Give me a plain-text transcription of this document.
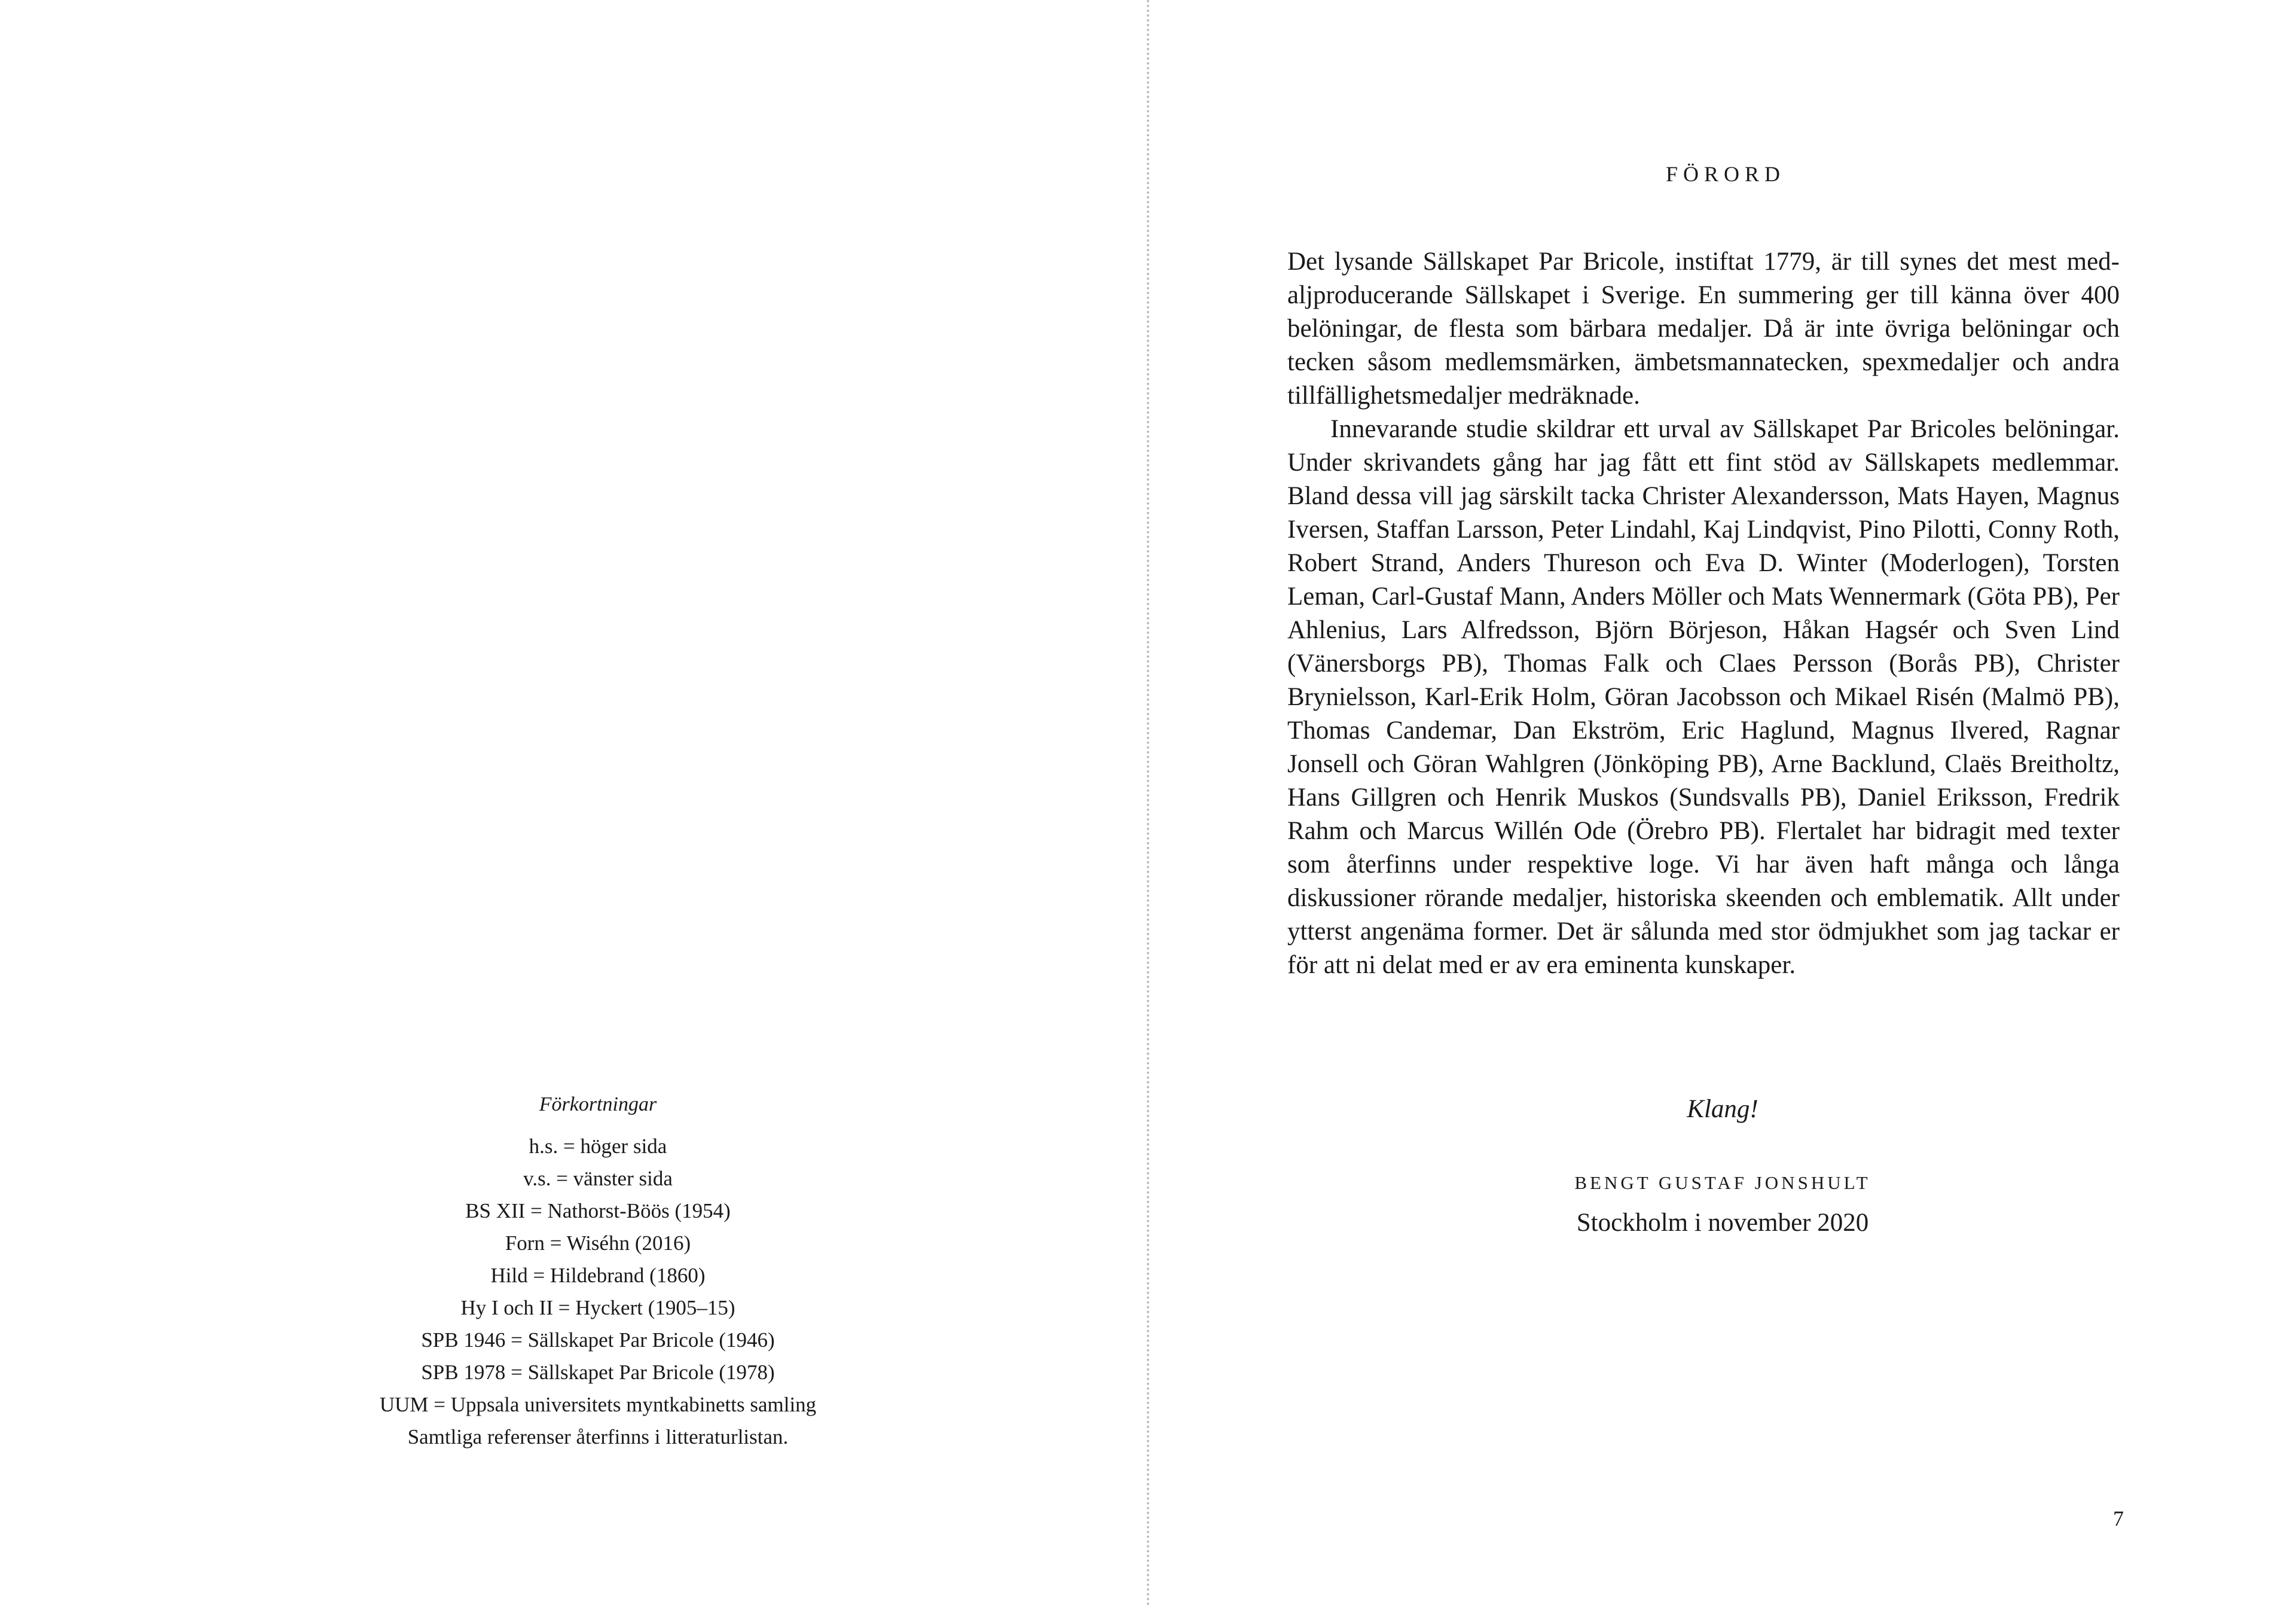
Förkortningar
h.s. = höger sida
v.s. = vänster sida
BS XII = Nathorst-Böös (1954)
Forn = Wiséhn (2016)
Hild = Hildebrand (1860)
Hy I och II = Hyckert (1905–15)
SPB 1946 = Sällskapet Par Bricole (1946)
SPB 1978 = Sällskapet Par Bricole (1978)
UUM = Uppsala universitets myntkabinetts samling
Samtliga referenser återfinns i litteraturlistan.
FÖRORD

Det lysande Sällskapet Par Bricole, instiftat 1779, är till synes det mest medaljproducerande Sällskapet i Sverige. En summering ger till känna över 400 belöningar, de flesta som bärbara medaljer. Då är inte övriga belöningar och tecken såsom medlemsmärken, ämbetsmannatecken, spexmedaljer och andra tillfällighetsmedaljer medräknade.

Innevarande studie skildrar ett urval av Sällskapet Par Bricoles belöningar. Under skrivandets gång har jag fått ett fint stöd av Sällskapets medlemmar. Bland dessa vill jag särskilt tacka Christer Alexandersson, Mats Hayen, Magnus Iversen, Staffan Larsson, Peter Lindahl, Kaj Lindqvist, Pino Pilotti, Conny Roth, Robert Strand, Anders Thureson och Eva D. Winter (Moderlogen), Torsten Leman, Carl-Gustaf Mann, Anders Möller och Mats Wennermark (Göta PB), Per Ahlenius, Lars Alfredsson, Björn Börjeson, Håkan Hagsér och Sven Lind (Vänersborgs PB), Thomas Falk och Claes Persson (Borås PB), Christer Brynielsson, Karl-Erik Holm, Göran Jacobsson och Mikael Risén (Malmö PB), Thomas Candemar, Dan Ekström, Eric Haglund, Magnus Ilvered, Ragnar Jonsell och Göran Wahlgren (Jönköping PB), Arne Backlund, Claës Breitholtz, Hans Gillgren och Henrik Muskos (Sundsvalls PB), Daniel Eriksson, Fredrik Rahm och Marcus Willén Ode (Örebro PB). Flertalet har bidragit med texter som återfinns under respektive loge. Vi har även haft många och långa diskussioner rörande medaljer, historiska skeenden och emblematik. Allt under ytterst angenäma former. Det är sålunda med stor ödmjukhet som jag tackar er för att ni delat med er av era eminenta kunskaper.

Klang!
BENGT GUSTAF JONSHULT
Stockholm i november 2020
7
